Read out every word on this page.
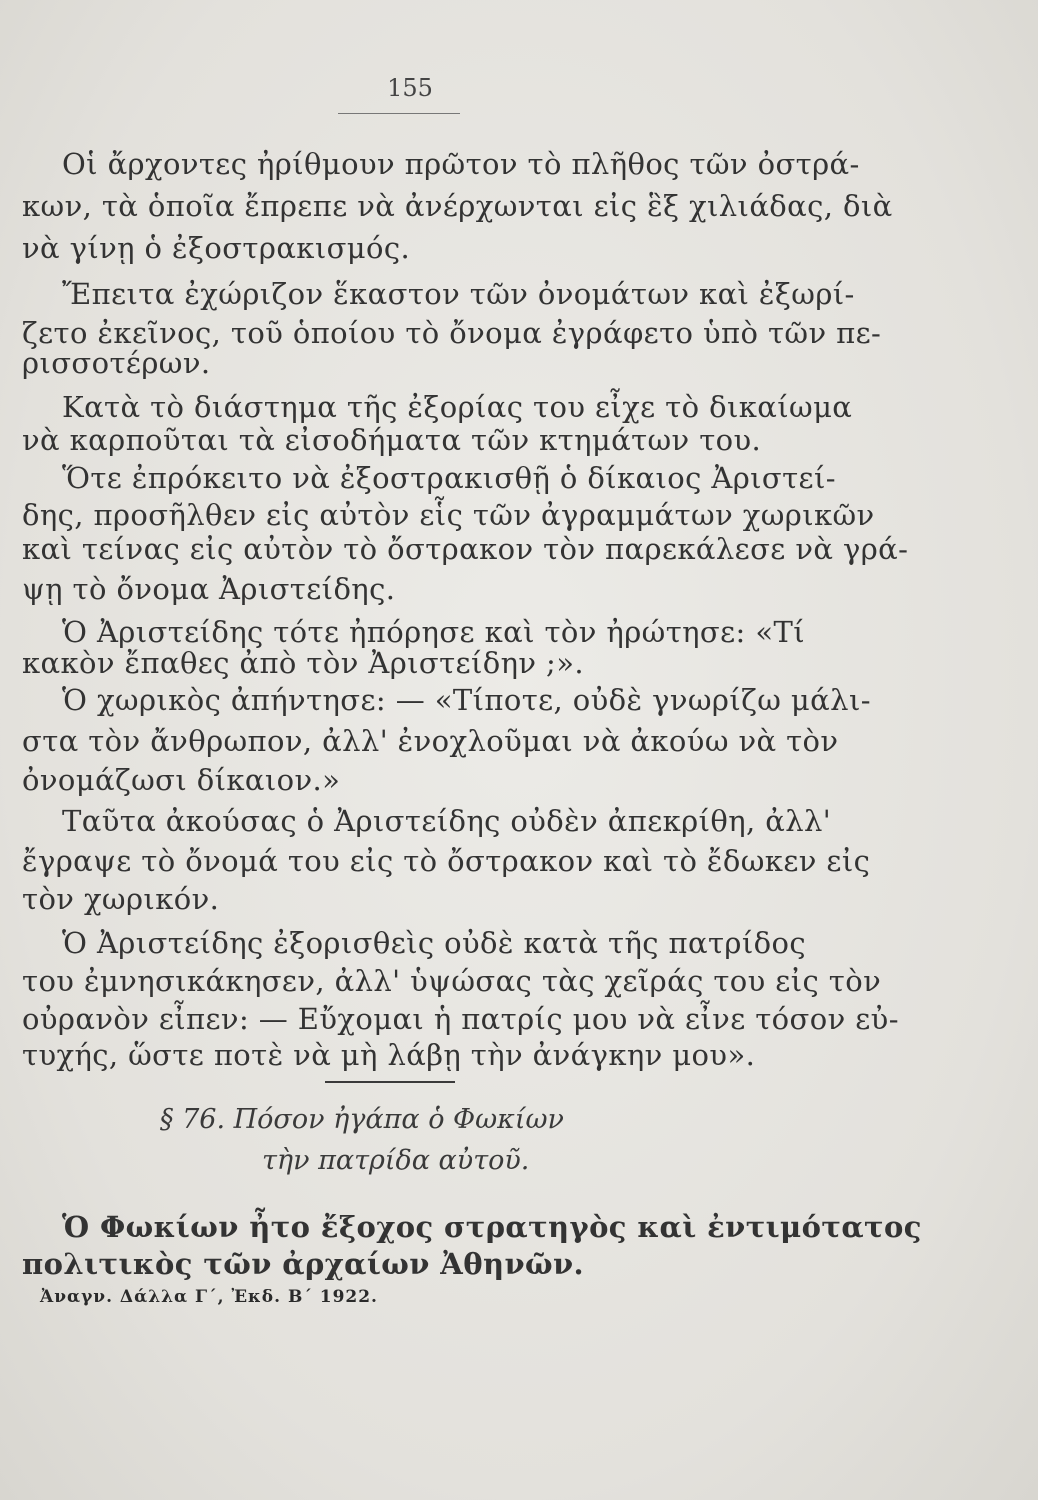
155
Οἱ ἄρχοντες ἠρίθμουν πρῶτον τὸ πλῆθος τῶν ὀστρά-
κων, τὰ ὁποῖα ἔπρεπε νὰ ἀνέρχωνται εἰς ἓξ χιλιάδας, διὰ
νὰ γίνῃ ὁ ἐξοστρακισμός.
Ἔπειτα ἐχώριζον ἕκαστον τῶν ὀνομάτων καὶ ἐξωρί-
ζετο ἐκεῖνος, τοῦ ὁποίου τὸ ὄνομα ἐγράφετο ὑπὸ τῶν πε-
ρισσοτέρων.
Κατὰ τὸ διάστημα τῆς ἐξορίας του εἶχε τὸ δικαίωμα
νὰ καρποῦται τὰ εἰσοδήματα τῶν κτημάτων του.
Ὅτε ἐπρόκειτο νὰ ἐξοστρακισθῇ ὁ δίκαιος Ἀριστεί-
δης, προσῆλθεν εἰς αὐτὸν εἷς τῶν ἀγραμμάτων χωρικῶν
καὶ τείνας εἰς αὐτὸν τὸ ὄστρακον τὸν παρεκάλεσε νὰ γρά-
ψῃ τὸ ὄνομα Ἀριστείδης.
Ὁ Ἀριστείδης τότε ἠπόρησε καὶ τὸν ἠρώτησε: «Τί
κακὸν ἔπαθες ἀπὸ τὸν Ἀριστείδην ;».
Ὁ χωρικὸς ἀπήντησε: — «Τίποτε, οὐδὲ γνωρίζω μάλι-
στα τὸν ἄνθρωπον, ἀλλ' ἐνοχλοῦμαι νὰ ἀκούω νὰ τὸν
ὀνομάζωσι δίκαιον.»
Ταῦτα ἀκούσας ὁ Ἀριστείδης οὐδὲν ἀπεκρίθη, ἀλλ'
ἔγραψε τὸ ὄνομά του εἰς τὸ ὄστρακον καὶ τὸ ἔδωκεν εἰς
τὸν χωρικόν.
Ὁ Ἀριστείδης ἐξορισθεὶς οὐδὲ κατὰ τῆς πατρίδος
του ἐμνησικάκησεν, ἀλλ' ὑψώσας τὰς χεῖράς του εἰς τὸν
οὐρανὸν εἶπεν: — Εὔχομαι ἡ πατρίς μου νὰ εἶνε τόσον εὐ-
τυχής, ὥστε ποτὲ νὰ μὴ λάβῃ τὴν ἀνάγκην μου».
§ 76. Πόσον ἠγάπα ὁ Φωκίων
τὴν πατρίδα αὐτοῦ.
Ὁ Φωκίων ἦτο ἔξοχος στρατηγὸς καὶ ἐντιμότατος
πολιτικὸς τῶν ἀρχαίων Ἀθηνῶν.
Ἀναγν. Δάλλα Γ΄, Ἐκδ. Β΄ 1922.
